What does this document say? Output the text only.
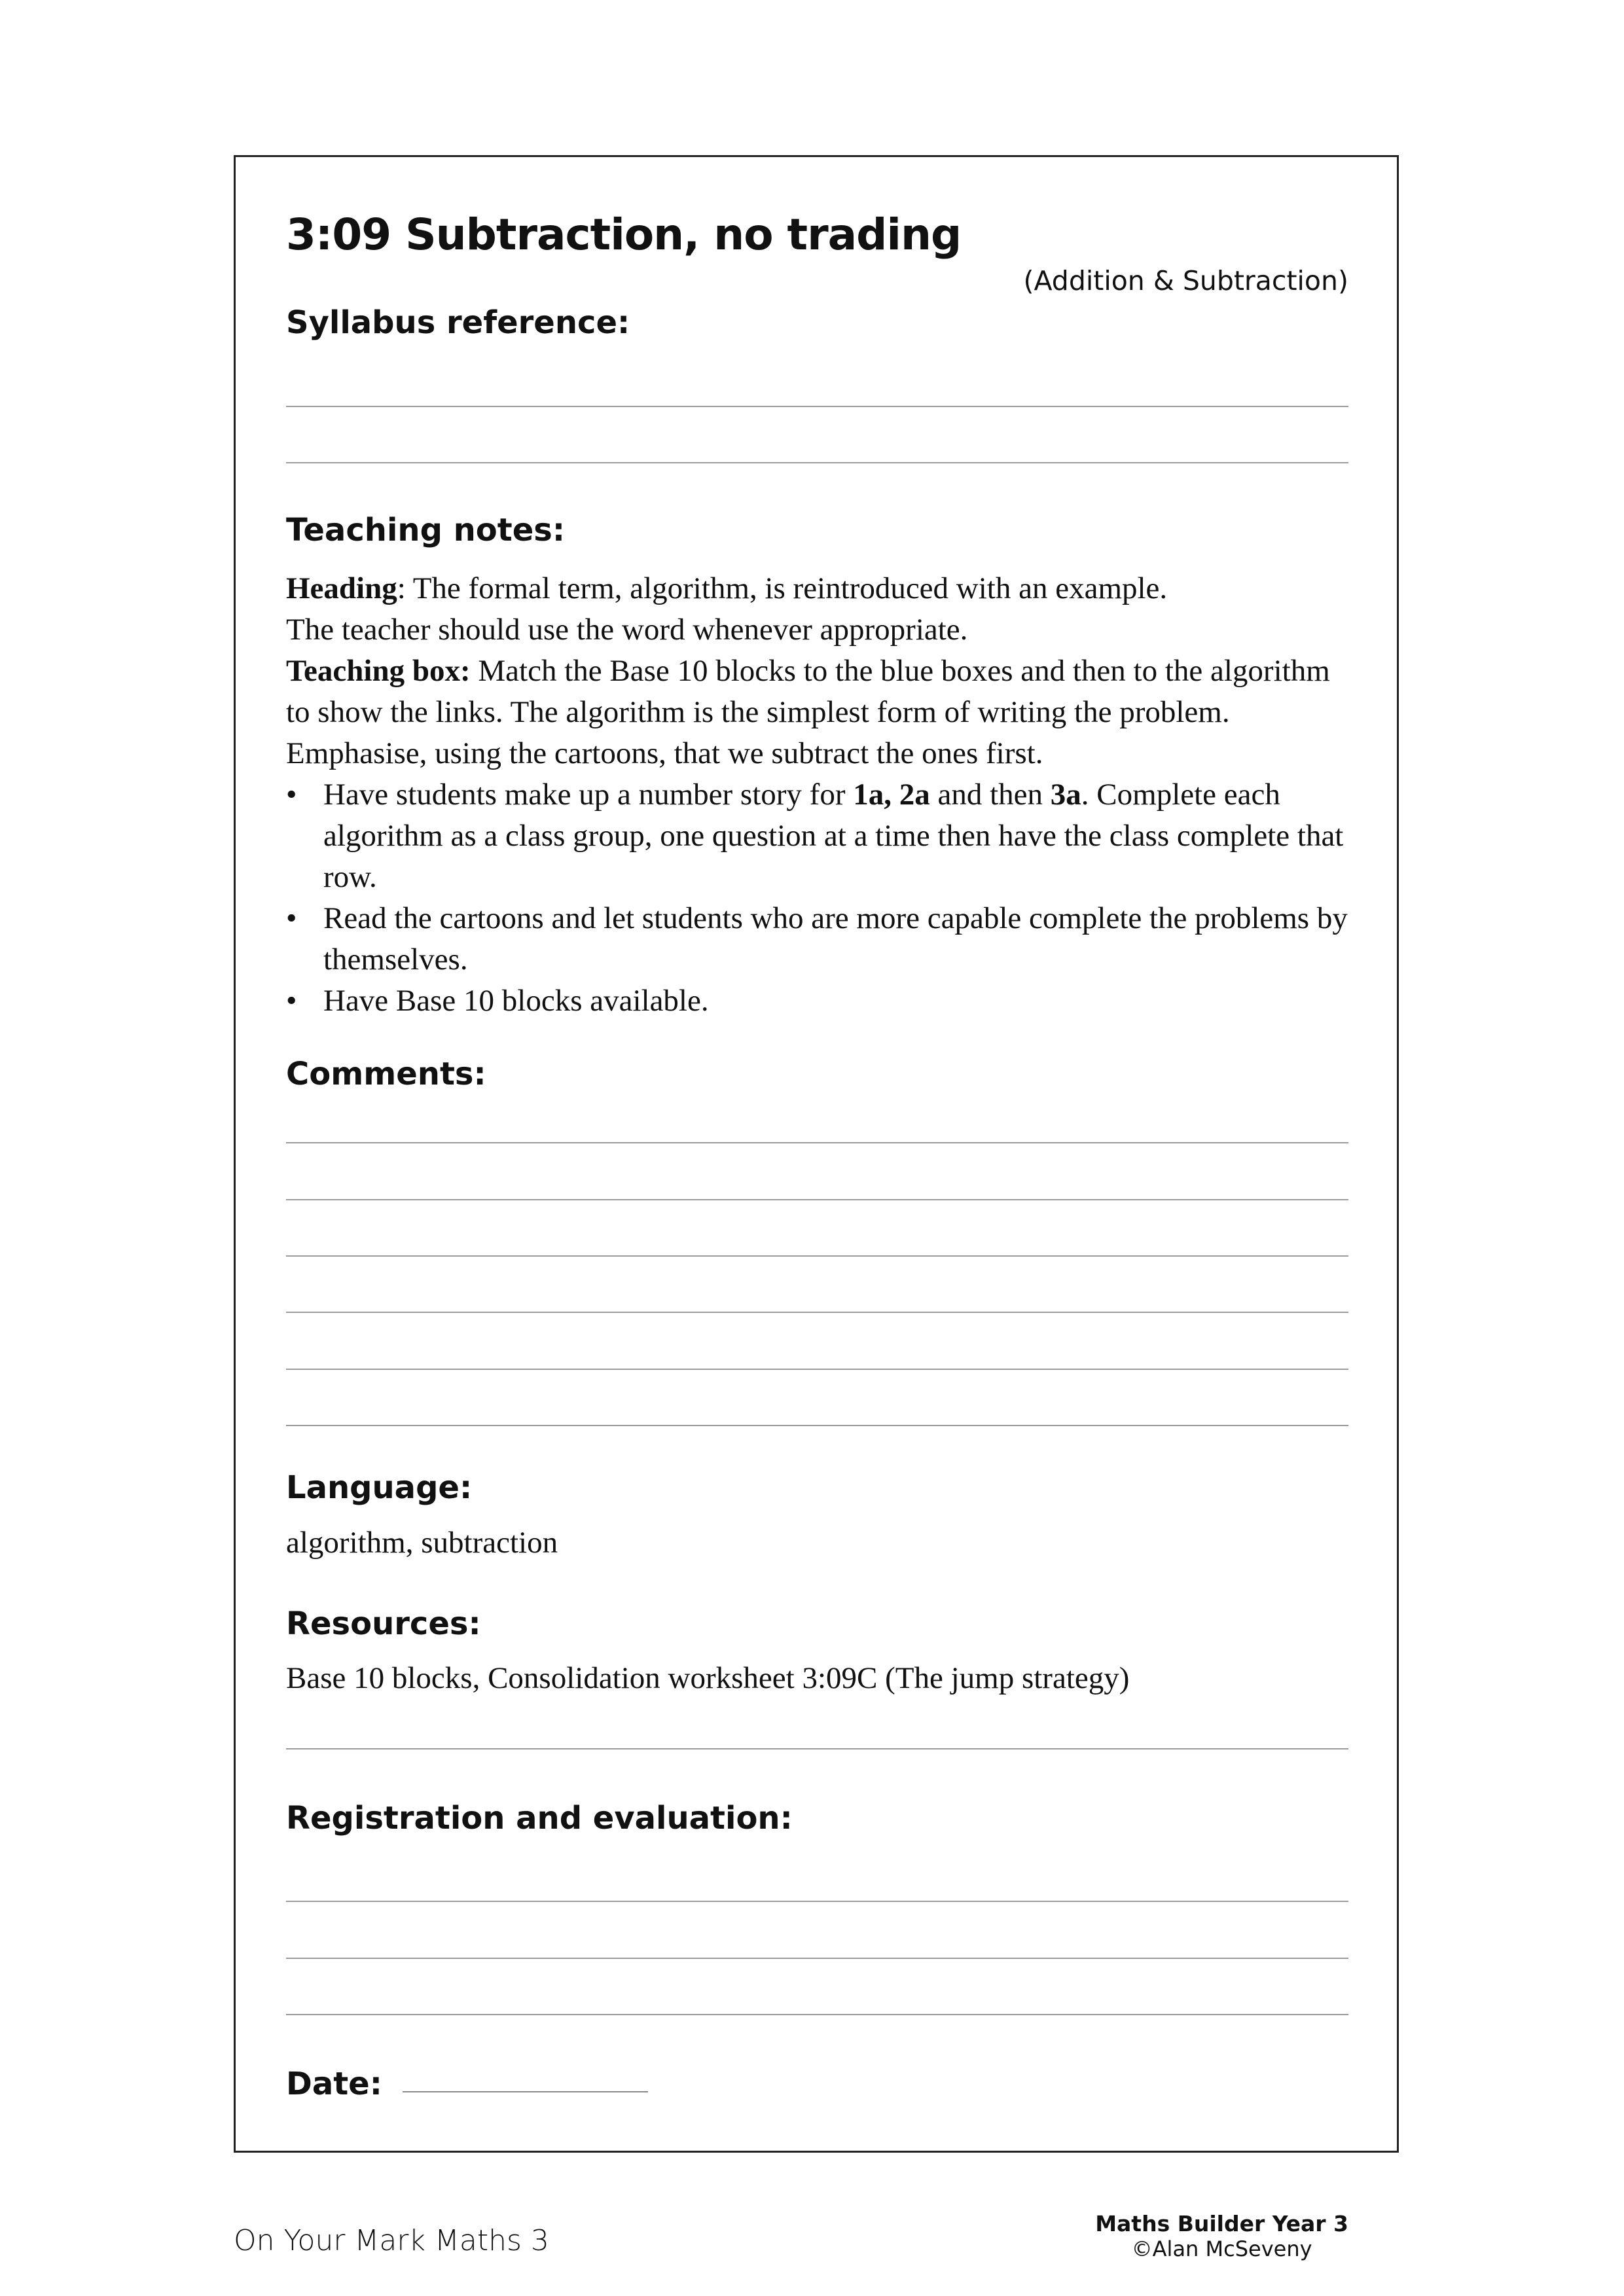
3:09 Subtraction, no trading
(Addition & Subtraction)
Syllabus reference:
Teaching notes:

Heading: The formal term, algorithm, is reintroduced with an example.

The teacher should use the word whenever appropriate.

Teaching box: Match the Base 10 blocks to the blue boxes and then to the algorithm to show the links. The algorithm is the simplest form of writing the problem. Emphasise, using the cartoons, that we subtract the ones first.

• Have students make up a number story for 1a, 2a and then 3a. Complete each algorithm as a class group, one question at a time then have the class complete that row.
• Read the cartoons and let students who are more capable complete the problems by themselves.
• Have Base 10 blocks available.
Comments:
Language:
algorithm, subtraction
Resources:
Base 10 blocks, Consolidation worksheet 3:09C (The jump strategy)
Registration and evaluation:
Date:
On Your Mark Maths 3
Maths Builder Year 3
©Alan McSeveny
